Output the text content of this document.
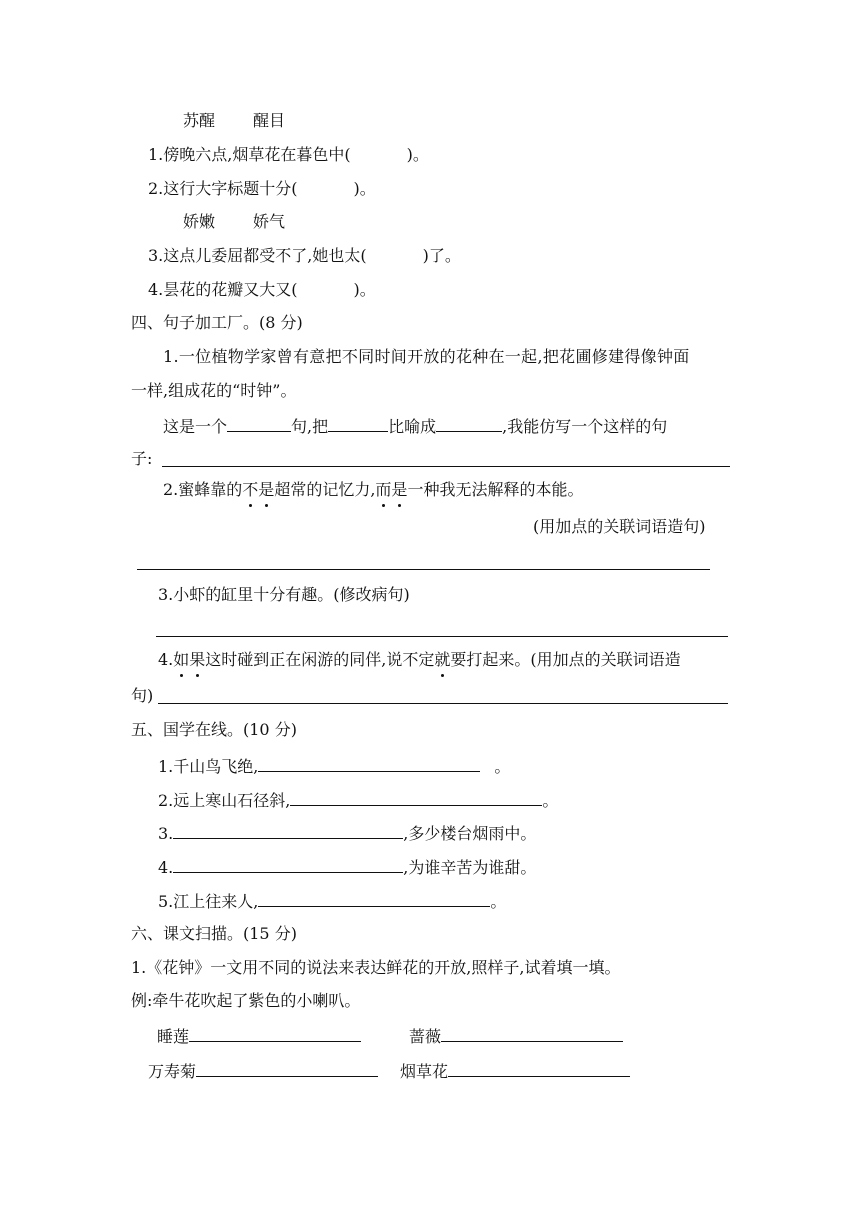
苏醒 醒目
1.傍晚六点,烟草花在暮色中(	)。
2.这行大字标题十分(	)。
娇嫩 娇气
3.这点儿委屈都受不了,她也太(	)了。
4.昙花的花瓣又大又(	)。
四、句子加工厂。(8 分)
1.一位植物学家曾有意把不同时间开放的花种在一起,把花圃修建得像钟面
一样,组成花的“时钟”。
这是一个	句,把	比喻成	,我能仿写一个这样的句
子:
2.蜜蜂靠的不是超常的记忆力,而是一种我无法解释的本能。
(用加点的关联词语造句)
3.小虾的缸里十分有趣。(修改病句)
4.如果这时碰到正在闲游的同伴,说不定就要打起来。(用加点的关联词语造
句)
五、国学在线。(10 分)
1.千山鸟飞绝,	。
2.远上寒山石径斜,	。
3.	,多少楼台烟雨中。
4.	,为谁辛苦为谁甜。
5.江上往来人,	。
六、课文扫描。(15 分)
1.《花钟》一文用不同的说法来表达鲜花的开放,照样子,试着填一填。
例:牵牛花吹起了紫色的小喇叭。
睡莲	蔷薇
万寿菊	烟草花
